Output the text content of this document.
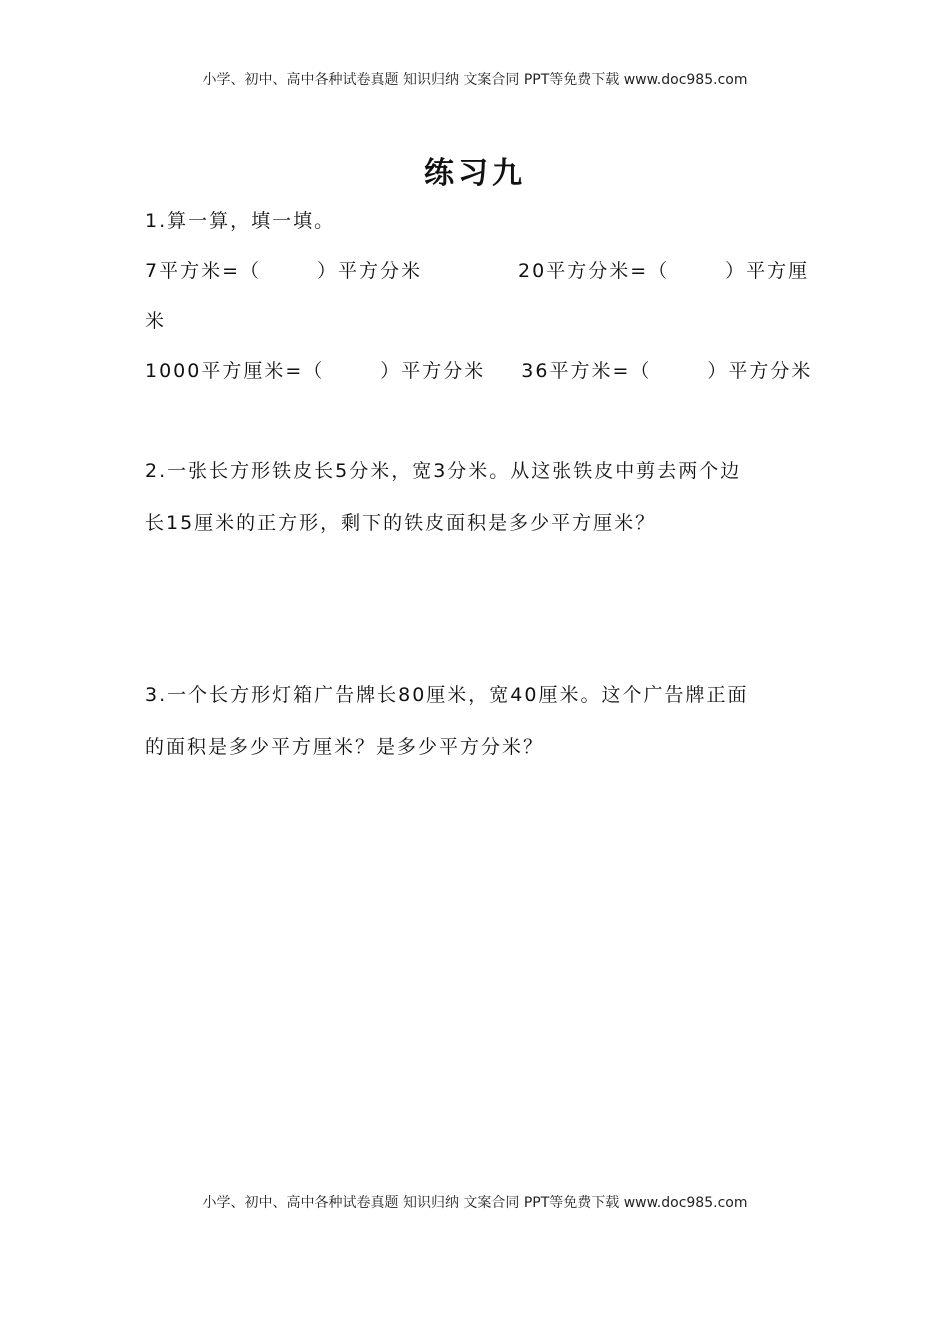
小学、初中、高中各种试卷真题 知识归纳 文案合同 PPT等免费下载 www.doc985.com
练习九
1.算一算，填一填。
7平方米=（	）平方分米	20平方分米=（	）平方厘
米
1000平方厘米=（	）平方分米 36平方米=（	）平方分米
2.一张长方形铁皮长5分米，宽3分米。从这张铁皮中剪去两个边
长15厘米的正方形，剩下的铁皮面积是多少平方厘米？
3.一个长方形灯箱广告牌长80厘米，宽40厘米。这个广告牌正面
的面积是多少平方厘米？是多少平方分米？
小学、初中、高中各种试卷真题 知识归纳 文案合同 PPT等免费下载 www.doc985.com
